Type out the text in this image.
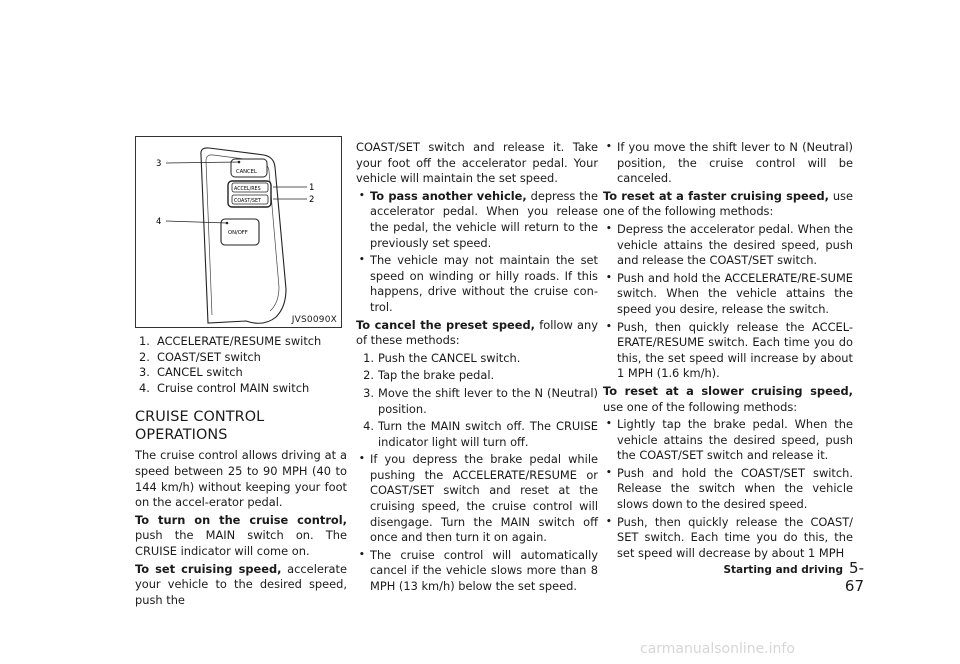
CANCEL
ACCEL/RES
COAST/SET
ON/OFF
3
1
2
4
JVS0090X
1. ACCELERATE/RESUME switch
2. COAST/SET switch
3. CANCEL switch
4. Cruise control MAIN switch
CRUISE CONTROL OPERATIONS

The cruise control allows driving at a speed between 25 to 90 MPH (40 to 144 km/h) without keeping your foot on the accel-erator pedal.

To turn on the cruise control, push the MAIN switch on. The CRUISE indicator will come on.

To set cruising speed, accelerate your vehicle to the desired speed, push the

COAST/SET switch and release it. Take your foot off the accelerator pedal. Your vehicle will maintain the set speed.

• To pass another vehicle, depress the accelerator pedal. When you release the pedal, the vehicle will return to the previously set speed.
• The vehicle may not maintain the set speed on winding or hilly roads. If this happens, drive without the cruise con-trol.

To cancel the preset speed, follow any of these methods:

1. Push the CANCEL switch.
2. Tap the brake pedal.
3. Move the shift lever to the N (Neutral) position.
4. Turn the MAIN switch off. The CRUISE indicator light will turn off.
• If you depress the brake pedal while pushing the ACCELERATE/RESUME or COAST/SET switch and reset at the cruising speed, the cruise control will disengage. Turn the MAIN switch off once and then turn it on again.
• The cruise control will automatically cancel if the vehicle slows more than 8 MPH (13 km/h) below the set speed.
• If you move the shift lever to N (Neutral) position, the cruise control will be canceled.

To reset at a faster cruising speed, use one of the following methods:

• Depress the accelerator pedal. When the vehicle attains the desired speed, push and release the COAST/SET switch.
• Push and hold the ACCELERATE/RE-SUME switch. When the vehicle attains the speed you desire, release the switch.
• Push, then quickly release the ACCEL-ERATE/RESUME switch. Each time you do this, the set speed will increase by about 1 MPH (1.6 km/h).

To reset at a slower cruising speed, use one of the following methods:

• Lightly tap the brake pedal. When the vehicle attains the desired speed, push the COAST/SET switch and release it.
• Push and hold the COAST/SET switch. Release the switch when the vehicle slows down to the desired speed.
• Push, then quickly release the COAST/ SET switch. Each time you do this, the set speed will decrease by about 1 MPH
Starting and driving 5-67
carmanualsonline.info
